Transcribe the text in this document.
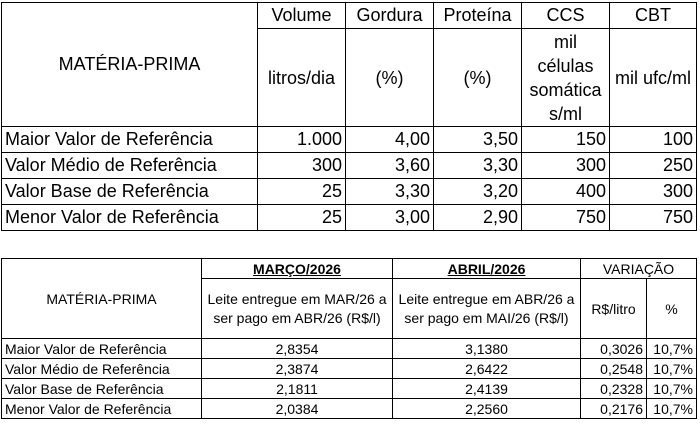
MATÉRIA-PRIMA	Volume	Gordura	Proteína	CCS	CBT
	litros/dia	(%)	(%)	mil células somática s/ml	mil ufc/ml
Maior Valor de Referência	1.000	4,00	3,50	150	100
Valor Médio de Referência	300	3,60	3,30	300	250
Valor Base de Referência	25	3,30	3,20	400	300
Menor Valor de Referência	25	3,00	2,90	750	750
MATÉRIA-PRIMA	MARÇO/2026	ABRIL/2026	VARIAÇÃO	
	Leite entregue em MAR/26 a ser pago em ABR/26 (R$/l)	Leite entregue em ABR/26 a ser pago em MAI/26 (R$/l)	R$/litro	%
Maior Valor de Referência	2,8354	3,1380	0,3026	10,7%
Valor Médio de Referência	2,3874	2,6422	0,2548	10,7%
Valor Base de Referência	2,1811	2,4139	0,2328	10,7%
Menor Valor de Referência	2,0384	2,2560	0,2176	10,7%
